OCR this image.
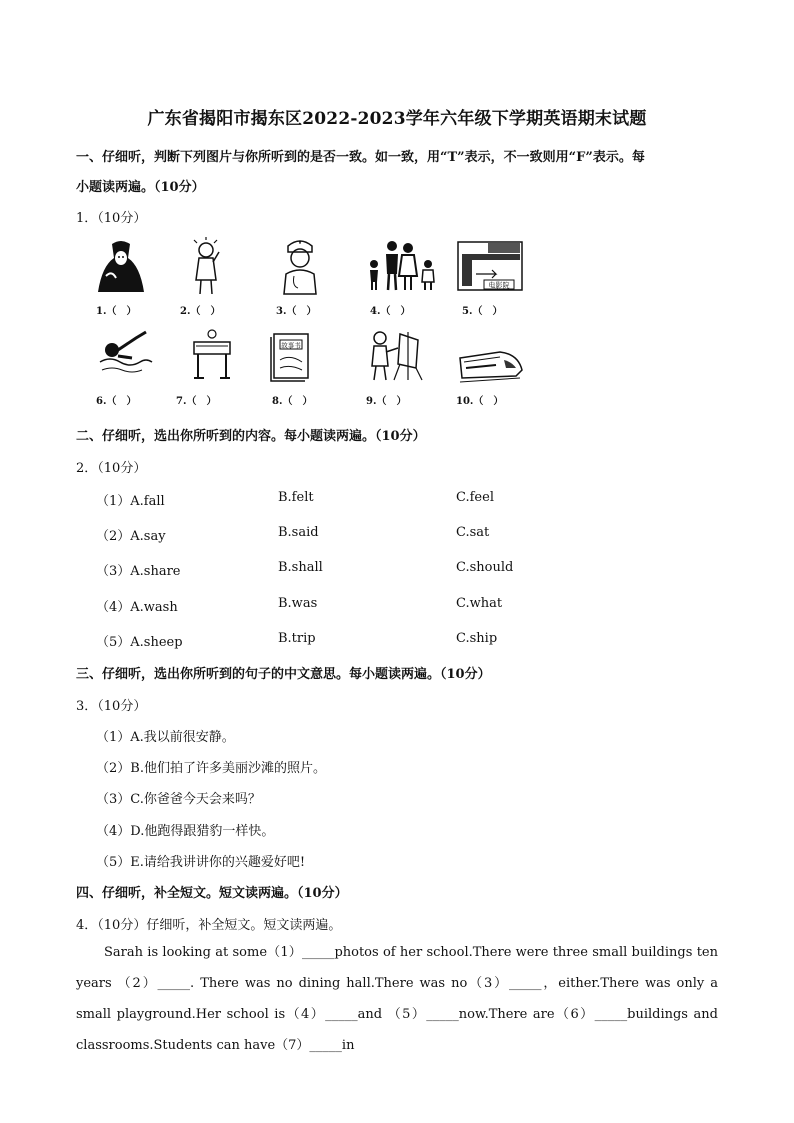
广东省揭阳市揭东区2022-2023学年六年级下学期英语期末试题
一、仔细听，判断下列图片与你所听到的是否一致。如一致，用“T”表示，不一致则用“F”表示。每
小题读两遍。（10分）
1．（10分）
电影院
1.（　）	2.（　）	3.（　）	4.（　）	5.（　）
故事书
6.（　）	7.（　）	8.（　）	9.（　）	10.（　）
二、仔细听，选出你所听到的内容。每小题读两遍。（10分）
2．（10分）
（1）A.fall	B.felt	C.feel
（2）A.say	B.said	C.sat
（3）A.share	B.shall	C.should
（4）A.wash	B.was	C.what
（5）A.sheep	B.trip	C.ship
三、仔细听，选出你所听到的句子的中文意思。每小题读两遍。（10分）
3．（10分）
（1）A.我以前很安静。
（2）B.他们拍了许多美丽沙滩的照片。
（3）C.你爸爸今天会来吗？
（4）D.他跑得跟猎豹一样快。
（5）E.请给我讲讲你的兴趣爱好吧!
四、仔细听，补全短文。短文读两遍。（10分）
4．（10分）仔细听，补全短文。短文读两遍。
Sarah is looking at some（1）_____photos of her school.There were three small buildings ten years （2）_____. There was no dining hall.There was no（3）_____，either.There was only a small playground.Her school is（4）_____and （5）_____now.There are（6）_____buildings and classrooms.Students can have（7）_____in
